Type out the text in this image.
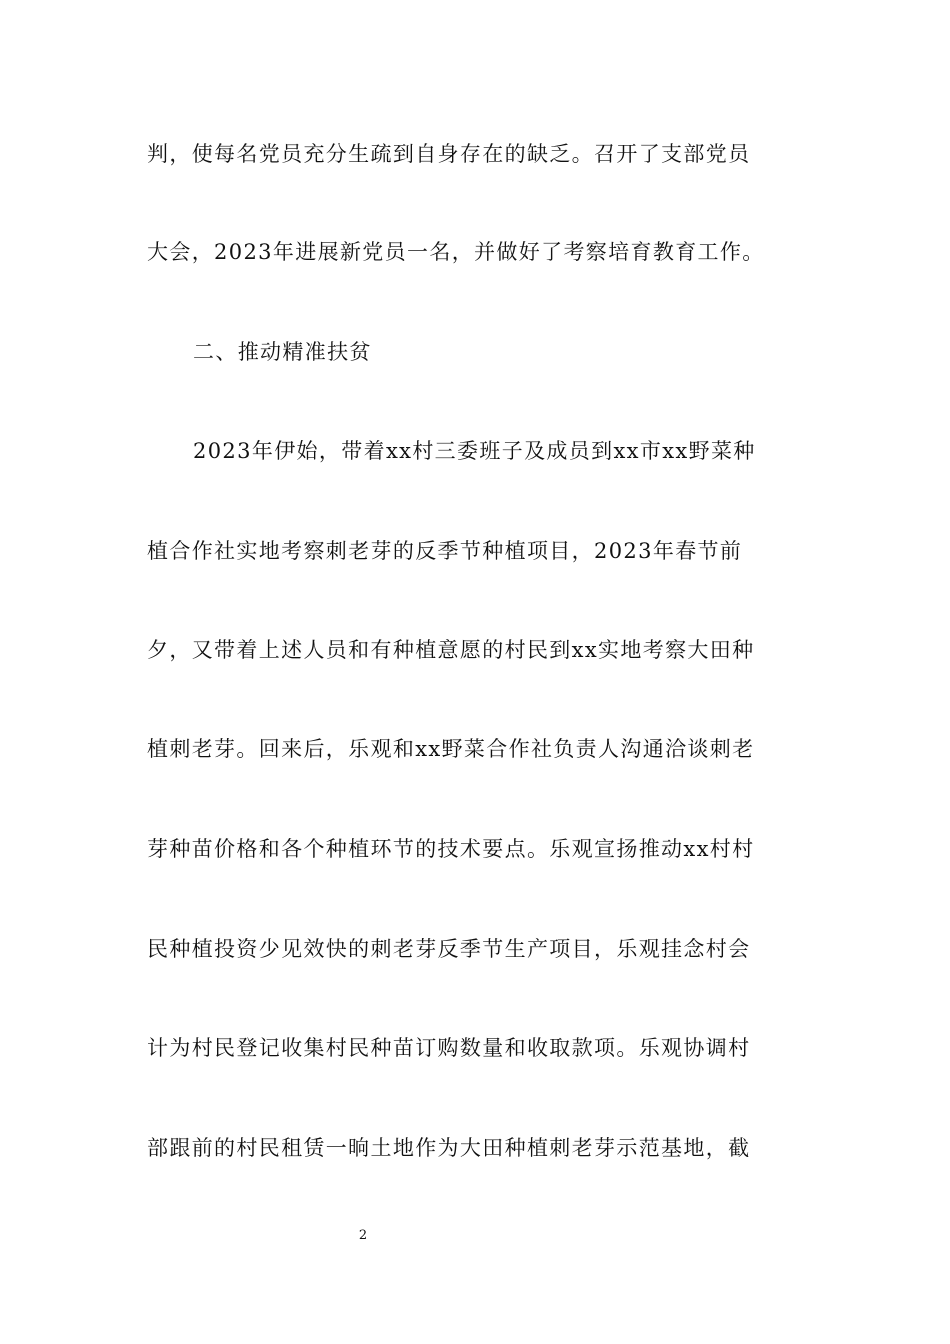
判，使每名党员充分生疏到自身存在的缺乏。召开了支部党员
大会，2023年进展新党员一名，并做好了考察培育教育工作。
二、推动精准扶贫
2023年伊始，带着xx村三委班子及成员到xx市xx野菜种
植合作社实地考察刺老芽的反季节种植项目，2023年春节前
夕，又带着上述人员和有种植意愿的村民到xx实地考察大田种
植刺老芽。回来后，乐观和xx野菜合作社负责人沟通洽谈刺老
芽种苗价格和各个种植环节的技术要点。乐观宣扬推动xx村村
民种植投资少见效快的刺老芽反季节生产项目，乐观挂念村会
计为村民登记收集村民种苗订购数量和收取款项。乐观协调村
部跟前的村民租赁一晌土地作为大田种植刺老芽示范基地，截
2
